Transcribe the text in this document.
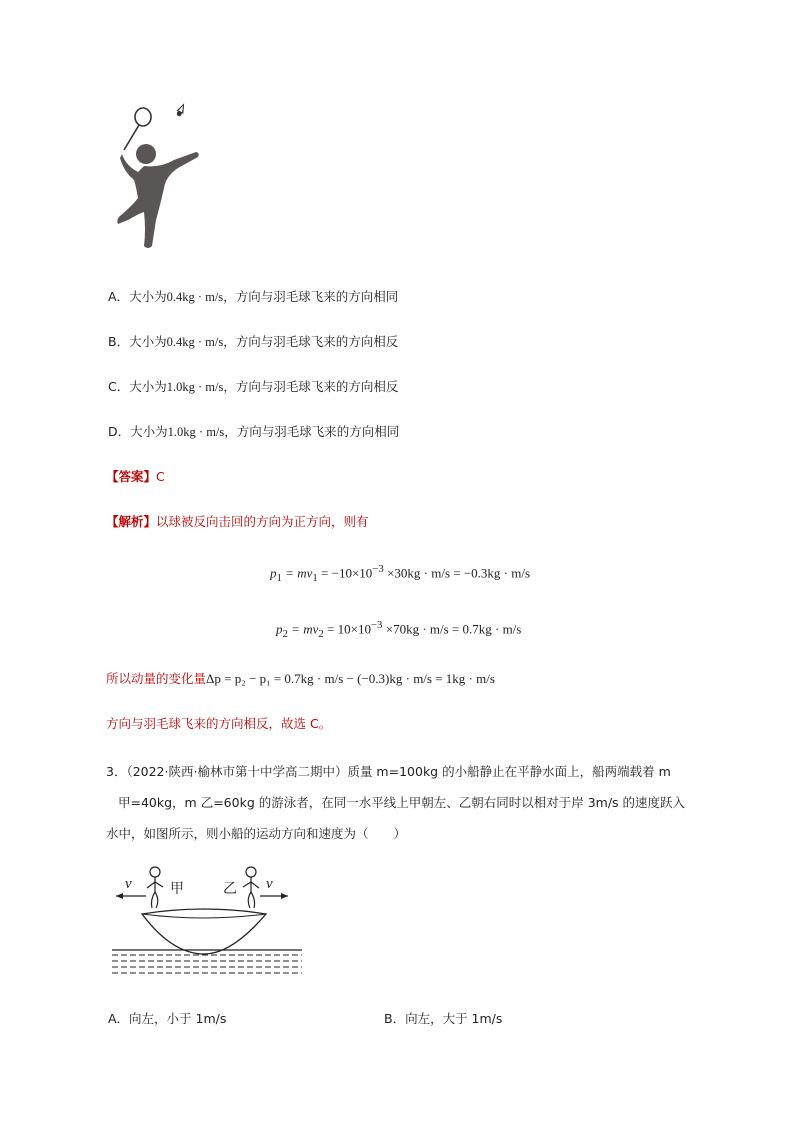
A．大小为0.4kg · m/s，方向与羽毛球飞来的方向相同
B．大小为0.4kg · m/s，方向与羽毛球飞来的方向相反
C．大小为1.0kg · m/s，方向与羽毛球飞来的方向相反
D．大小为1.0kg · m/s，方向与羽毛球飞来的方向相同
【答案】C
【解析】以球被反向击回的方向为正方向，则有
$p_1 = mv_1 = -10\times 10^{-3} \times 30kg \cdot m/s = -0.3kg \cdot m/s$
$p_2 = mv_2 = 10\times 10^{-3} \times 70kg \cdot m/s = 0.7kg \cdot m/s$
所以动量的变化量Δp = p₂ − p₁ = 0.7kg · m/s − (−0.3)kg · m/s = 1kg · m/s
方向与羽毛球飞来的方向相反，故选 C。
3．（2022·陕西·榆林市第十中学高二期中）质量 m=100kg 的小船静止在平静水面上，船两端载着 m
甲=40kg，m 乙=60kg 的游泳者，在同一水平线上甲朝左、乙朝右同时以相对于岸 3m/s 的速度跃入
水中，如图所示，则小船的运动方向和速度为（　　）
v	甲	乙 v
A．向左，小于 1m/s	B．向左，大于 1m/s
